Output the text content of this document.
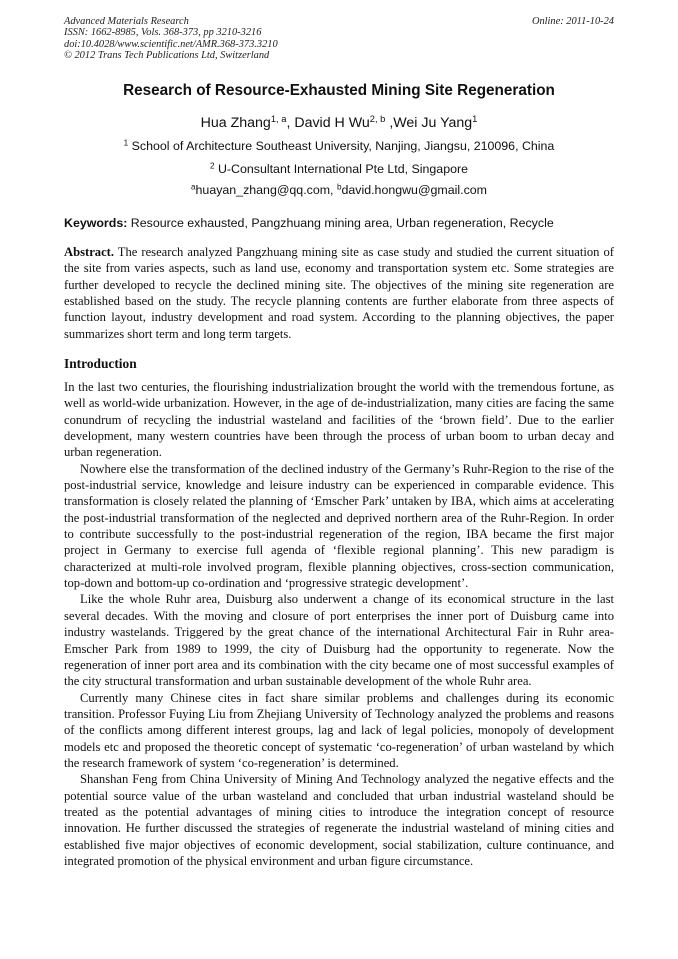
Advanced Materials Research
ISSN: 1662-8985, Vols. 368-373, pp 3210-3216
doi:10.4028/www.scientific.net/AMR.368-373.3210
© 2012 Trans Tech Publications Ltd, Switzerland
Online: 2011-10-24
Research of Resource-Exhausted Mining Site Regeneration
Hua Zhang$^{1, a}$, David H Wu$^{2, b}$ ,Wei Ju Yang$^1$
$^1$ School of Architecture Southeast University, Nanjing, Jiangsu, 210096, China
$^2$ U-Consultant International Pte Ltd, Singapore
$^a$huayan_zhang@qq.com, $^b$david.hongwu@gmail.com
Keywords: Resource exhausted, Pangzhuang mining area, Urban regeneration, Recycle
Abstract. The research analyzed Pangzhuang mining site as case study and studied the current situation of the site from varies aspects, such as land use, economy and transportation system etc. Some strategies are further developed to recycle the declined mining site. The objectives of the mining site regeneration are established based on the study. The recycle planning contents are further elaborate from three aspects of function layout, industry development and road system. According to the planning objectives, the paper summarizes short term and long term targets.
Introduction

In the last two centuries, the flourishing industrialization brought the world with the tremendous fortune, as well as world-wide urbanization. However, in the age of de-industrialization, many cities are facing the same conundrum of recycling the industrial wasteland and facilities of the ‘brown field’. Due to the earlier development, many western countries have been through the process of urban boom to urban decay and urban regeneration.

Nowhere else the transformation of the declined industry of the Germany’s Ruhr-Region to the rise of the post-industrial service, knowledge and leisure industry can be experienced in comparable evidence. This transformation is closely related the planning of ‘Emscher Park’ untaken by IBA, which aims at accelerating the post-industrial transformation of the neglected and deprived northern area of the Ruhr-Region. In order to contribute successfully to the post-industrial regeneration of the region, IBA became the first major project in Germany to exercise full agenda of ‘flexible regional planning’. This new paradigm is characterized at multi-role involved program, flexible planning objectives, cross-section communication, top-down and bottom-up co-ordination and ‘progressive strategic development’.

Like the whole Ruhr area, Duisburg also underwent a change of its economical structure in the last several decades. With the moving and closure of port enterprises the inner port of Duisburg came into industry wastelands. Triggered by the great chance of the international Architectural Fair in Ruhr area-Emscher Park from 1989 to 1999, the city of Duisburg had the opportunity to regenerate. Now the regeneration of inner port area and its combination with the city became one of most successful examples of the city structural transformation and urban sustainable development of the whole Ruhr area.

Currently many Chinese cites in fact share similar problems and challenges during its economic transition. Professor Fuying Liu from Zhejiang University of Technology analyzed the problems and reasons of the conflicts among different interest groups, lag and lack of legal policies, monopoly of development models etc and proposed the theoretic concept of systematic ‘co-regeneration’ of urban wasteland by which the research framework of system ‘co-regeneration’ is determined.

Shanshan Feng from China University of Mining And Technology analyzed the negative effects and the potential source value of the urban wasteland and concluded that urban industrial wasteland should be treated as the potential advantages of mining cities to introduce the integration concept of resource innovation. He further discussed the strategies of regenerate the industrial wasteland of mining cities and established five major objectives of economic development, social stabilization, culture continuance, and integrated promotion of the physical environment and urban figure circumstance.
